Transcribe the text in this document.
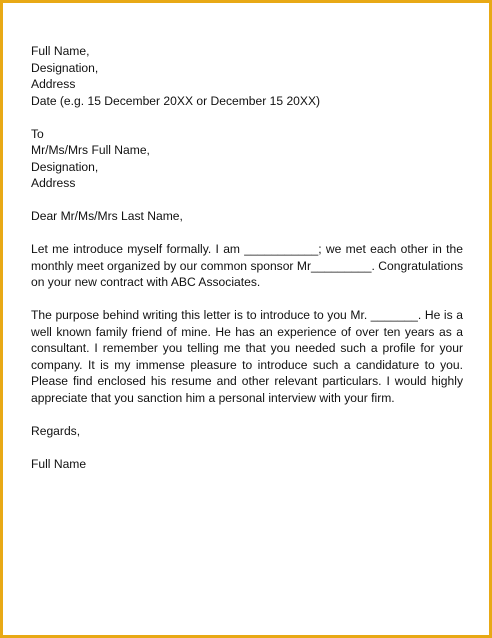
Full Name,
Designation,
Address
Date (e.g. 15 December 20XX or December 15 20XX)
To
Mr/Ms/Mrs Full Name,
Designation,
Address
Dear Mr/Ms/Mrs Last Name,

Let me introduce myself formally. I am ___________; we met each other in the monthly meet organized by our common sponsor Mr_________. Congratulations on your new contract with ABC Associates.

The purpose behind writing this letter is to introduce to you Mr. _______. He is a well known family friend of mine. He has an experience of over ten years as a consultant. I remember you telling me that you needed such a profile for your company. It is my immense pleasure to introduce such a candidature to you. Please find enclosed his resume and other relevant particulars. I would highly appreciate that you sanction him a personal interview with your firm.

Regards,
Full Name
